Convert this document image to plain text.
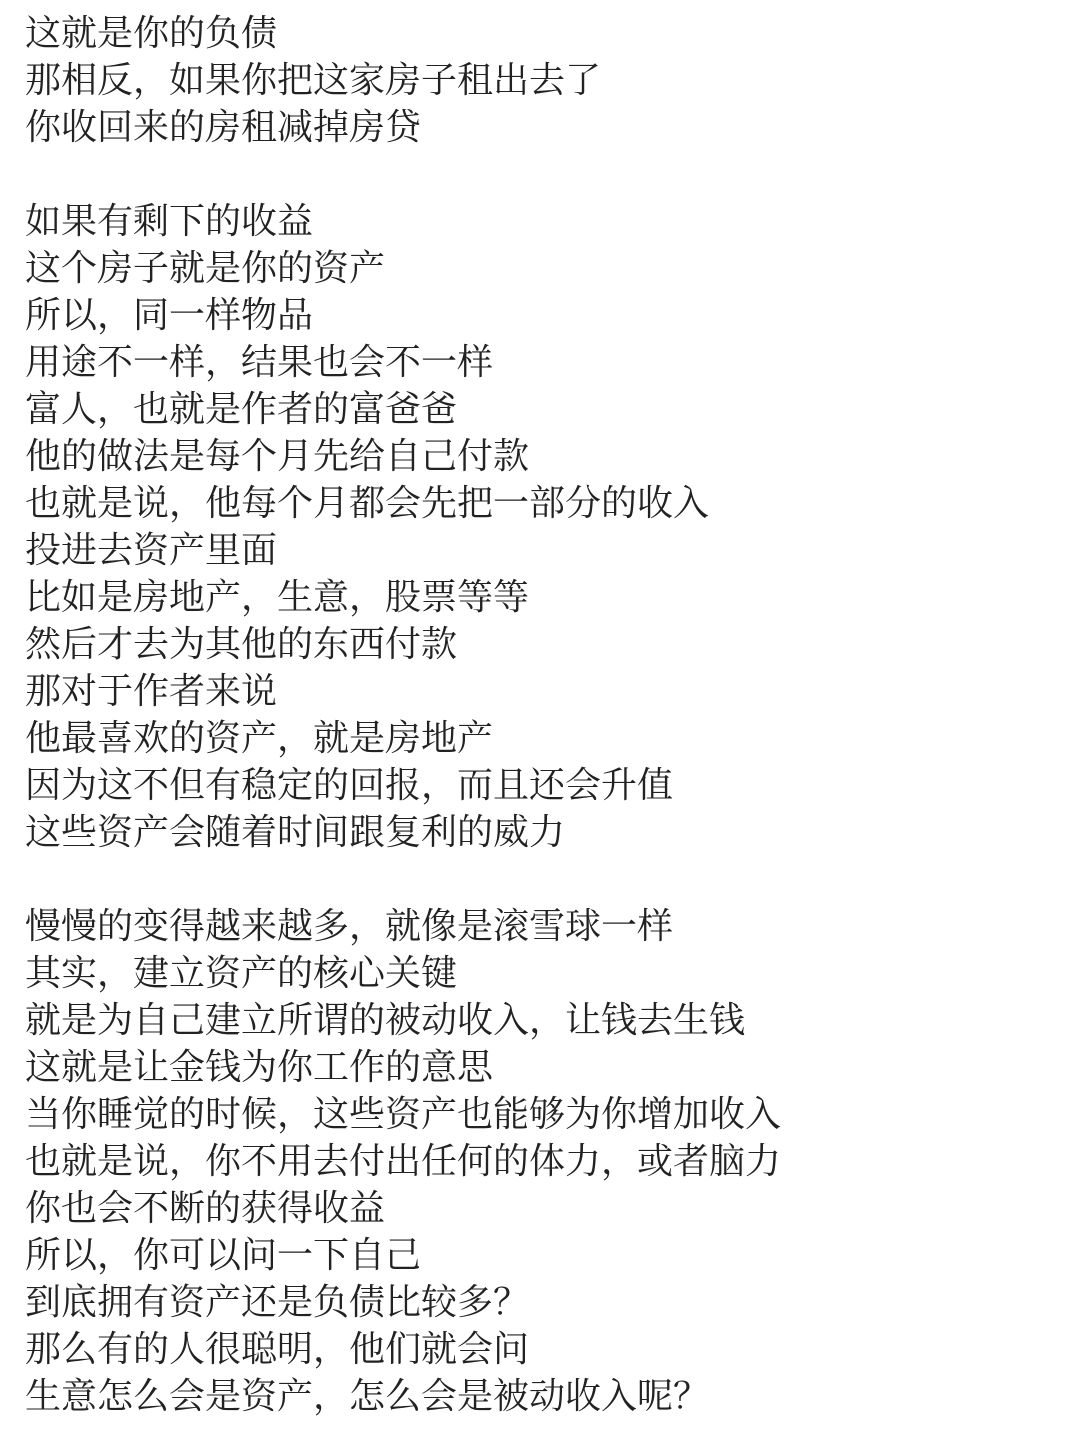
这就是你的负债
那相反，如果你把这家房子租出去了
你收回来的房租减掉房贷
如果有剩下的收益
这个房子就是你的资产
所以，同一样物品
用途不一样，结果也会不一样
富人，也就是作者的富爸爸
他的做法是每个月先给自己付款
也就是说，他每个月都会先把一部分的收入
投进去资产里面
比如是房地产，生意，股票等等
然后才去为其他的东西付款
那对于作者来说
他最喜欢的资产，就是房地产
因为这不但有稳定的回报，而且还会升值
这些资产会随着时间跟复利的威力
慢慢的变得越来越多，就像是滚雪球一样
其实，建立资产的核心关键
就是为自己建立所谓的被动收入，让钱去生钱
这就是让金钱为你工作的意思
当你睡觉的时候，这些资产也能够为你增加收入
也就是说，你不用去付出任何的体力，或者脑力
你也会不断的获得收益
所以，你可以问一下自己
到底拥有资产还是负债比较多？
那么有的人很聪明，他们就会问
生意怎么会是资产，怎么会是被动收入呢？
